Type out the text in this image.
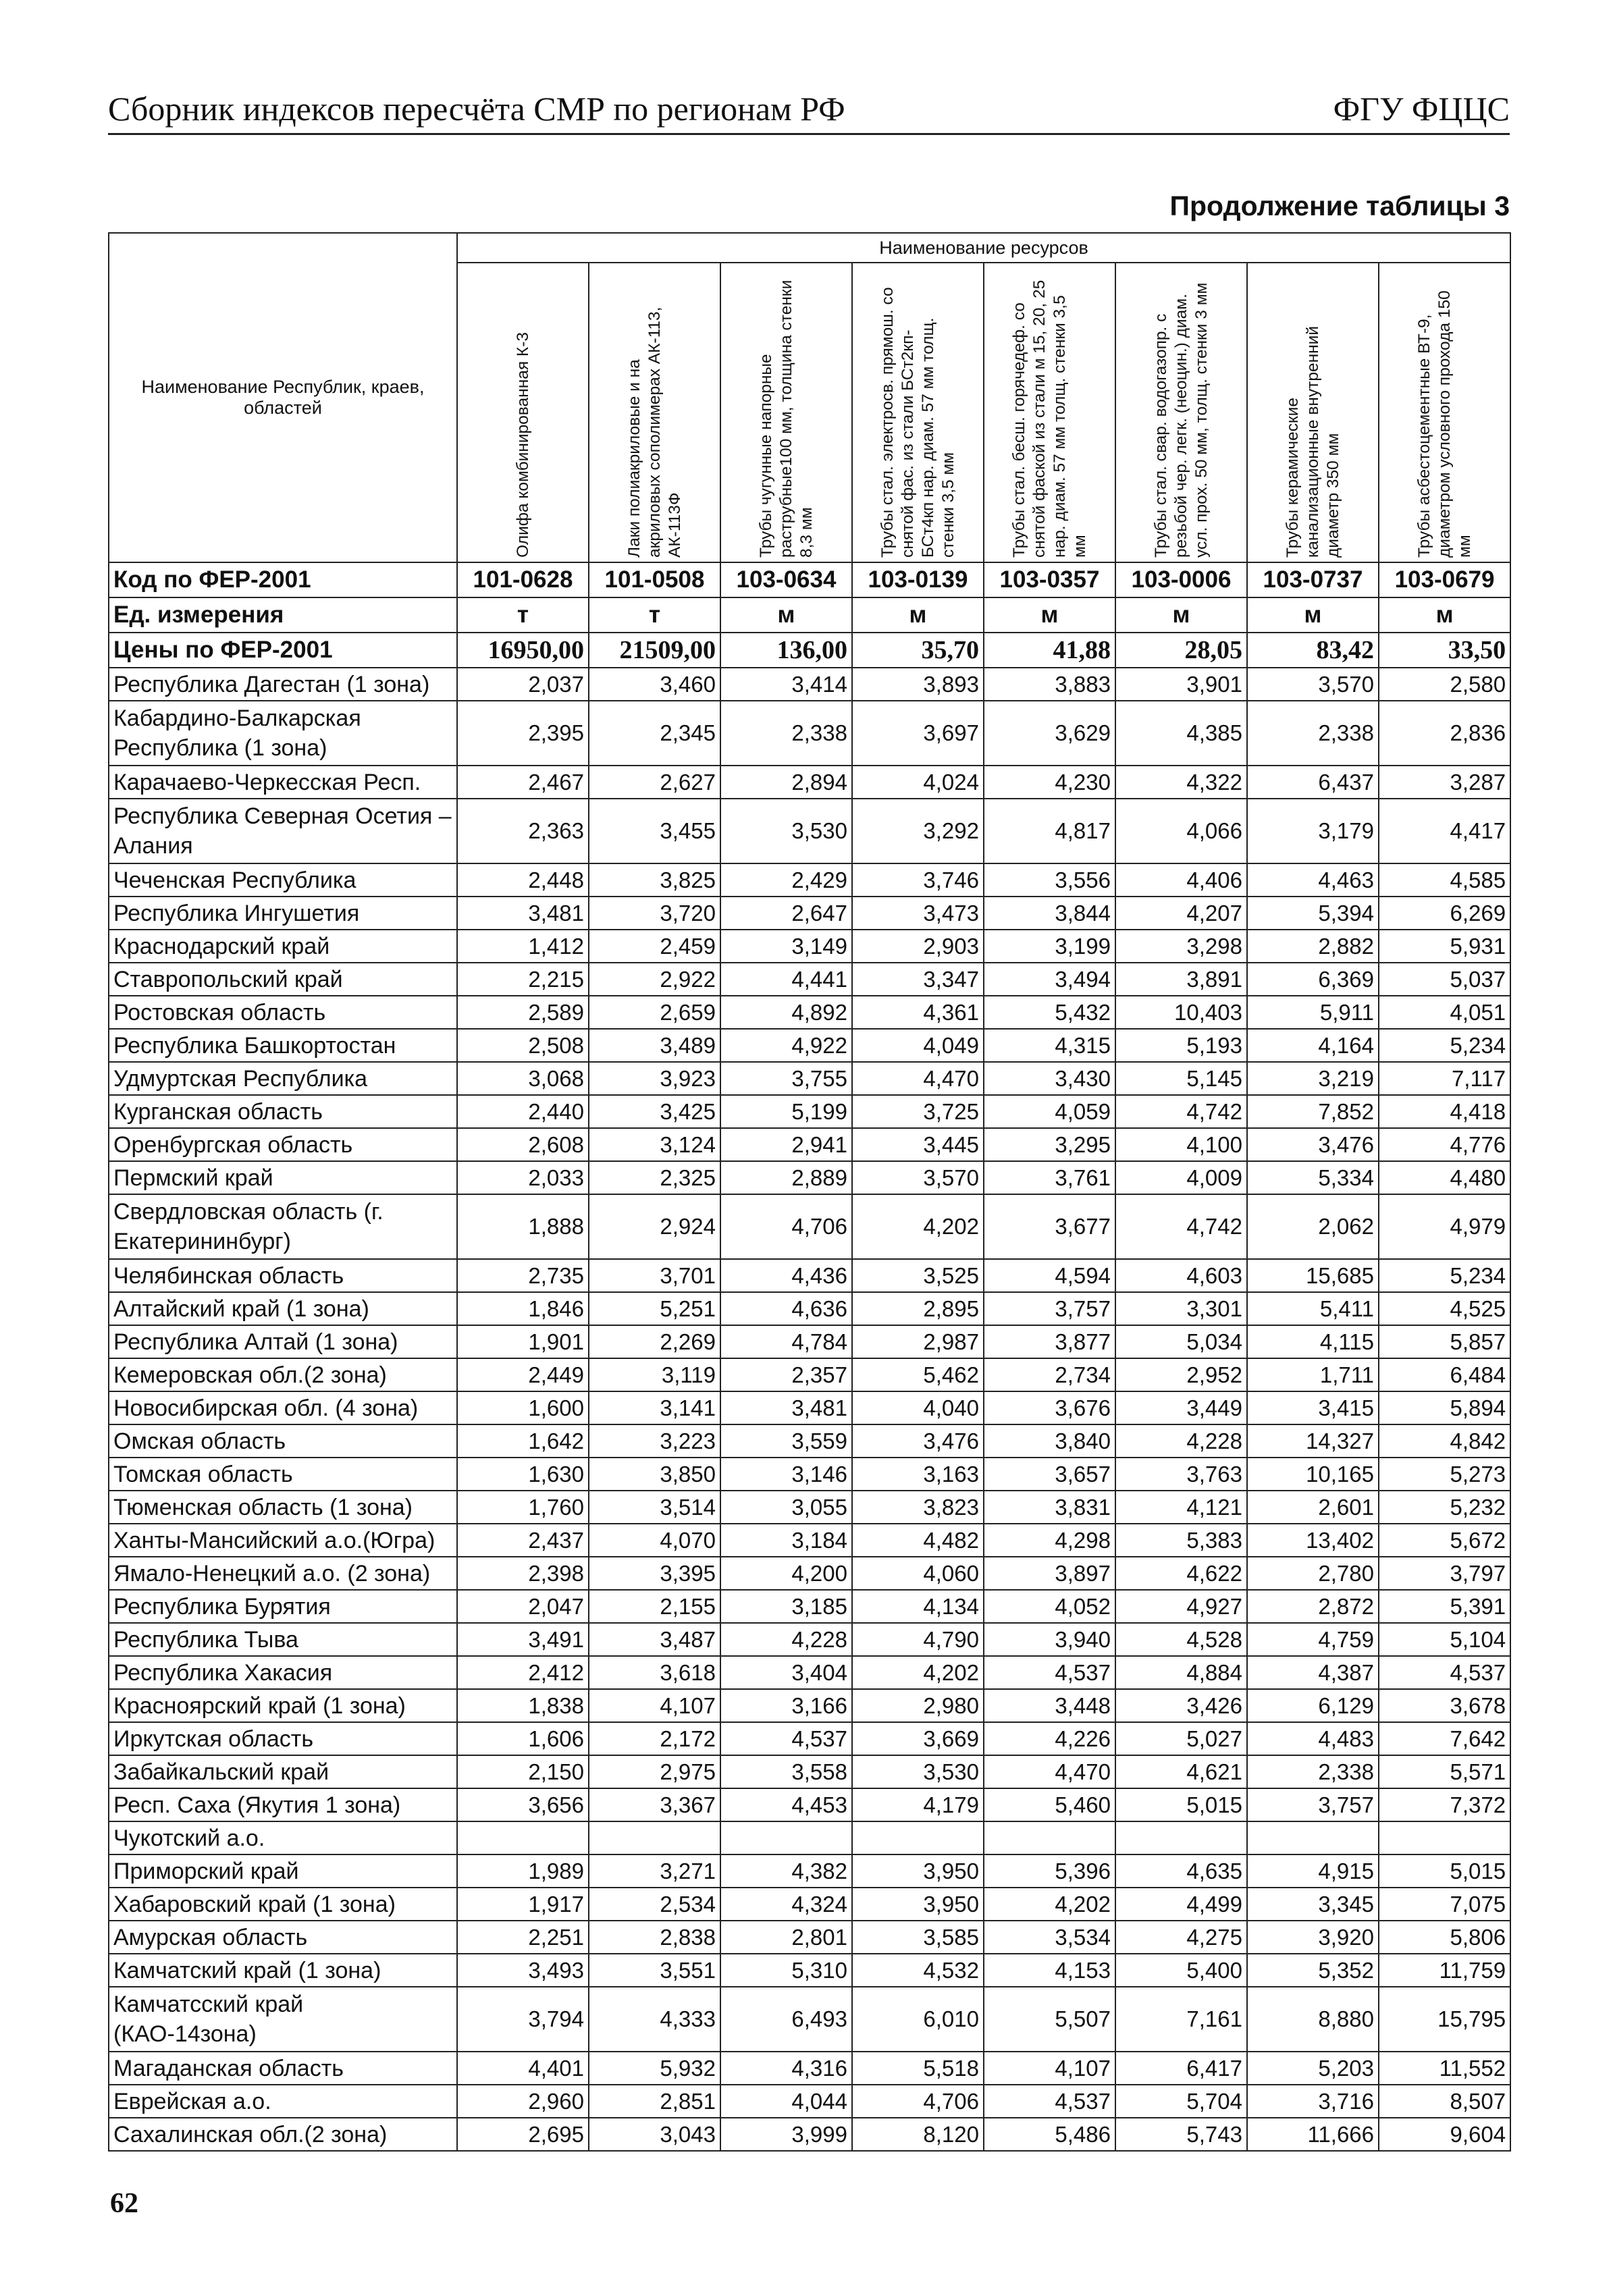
Сборник индексов пересчёта СМР по регионам РФ	ФГУ ФЦЦС
Продолжение таблицы 3
Наименование Республик, краев, областей	Наименование ресурсов							

	Олифа комбинированная К-3	Лаки полиакриловые и на акриловых сополимерах АК-113, АК-113Ф	Трубы чугунные напорные раструбные100 мм, толщина стенки 8,3 мм	Трубы стал. электросв. прямош. со снятой фас. из стали БСт2кп-БСт4кп нар. диам. 57 мм толщ. стенки 3,5 мм	Трубы стал. бесш. горячедеф. со снятой фаской из стали м 15, 20, 25 нар. диам. 57 мм толщ. стенки 3,5 мм	Трубы стал. свар. водогазопр. с резьбой чер. легк. (неоцин.) диам. усл. прох. 50 мм, толщ. стенки 3 мм	Трубы керамические канализационные внутренний диаметр 350 мм	Трубы асбестоцементные ВТ-9, диаметром условного прохода 150 мм

Код по ФЕР-2001	101-0628	101-0508	103-0634	103-0139	103-0357	103-0006	103-0737	103-0679
Ед. измерения	т	т	м	м	м	м	м	м
Цены по ФЕР-2001	16950,00	21509,00	136,00	35,70	41,88	28,05	83,42	33,50
Республика Дагестан (1 зона)	2,037	3,460	3,414	3,893	3,883	3,901	3,570	2,580
Кабардино-Балкарская Республика (1 зона)	2,395	2,345	2,338	3,697	3,629	4,385	2,338	2,836
Карачаево-Черкесская Респ.	2,467	2,627	2,894	4,024	4,230	4,322	6,437	3,287
Республика Северная Осетия – Алания	2,363	3,455	3,530	3,292	4,817	4,066	3,179	4,417
Чеченская Республика	2,448	3,825	2,429	3,746	3,556	4,406	4,463	4,585
Республика Ингушетия	3,481	3,720	2,647	3,473	3,844	4,207	5,394	6,269
Краснодарский край	1,412	2,459	3,149	2,903	3,199	3,298	2,882	5,931
Ставропольский край	2,215	2,922	4,441	3,347	3,494	3,891	6,369	5,037
Ростовская область	2,589	2,659	4,892	4,361	5,432	10,403	5,911	4,051
Республика Башкортостан	2,508	3,489	4,922	4,049	4,315	5,193	4,164	5,234
Удмуртская Республика	3,068	3,923	3,755	4,470	3,430	5,145	3,219	7,117
Курганская область	2,440	3,425	5,199	3,725	4,059	4,742	7,852	4,418
Оренбургская область	2,608	3,124	2,941	3,445	3,295	4,100	3,476	4,776
Пермский край	2,033	2,325	2,889	3,570	3,761	4,009	5,334	4,480
Свердловская область (г. Екатерининбург)	1,888	2,924	4,706	4,202	3,677	4,742	2,062	4,979
Челябинская область	2,735	3,701	4,436	3,525	4,594	4,603	15,685	5,234
Алтайский край (1 зона)	1,846	5,251	4,636	2,895	3,757	3,301	5,411	4,525
Республика Алтай (1 зона)	1,901	2,269	4,784	2,987	3,877	5,034	4,115	5,857
Кемеровская обл.(2 зона)	2,449	3,119	2,357	5,462	2,734	2,952	1,711	6,484
Новосибирская обл. (4 зона)	1,600	3,141	3,481	4,040	3,676	3,449	3,415	5,894
Омская область	1,642	3,223	3,559	3,476	3,840	4,228	14,327	4,842
Томская область	1,630	3,850	3,146	3,163	3,657	3,763	10,165	5,273
Тюменская область (1 зона)	1,760	3,514	3,055	3,823	3,831	4,121	2,601	5,232
Ханты-Мансийский а.о.(Югра)	2,437	4,070	3,184	4,482	4,298	5,383	13,402	5,672
Ямало-Ненецкий а.о. (2 зона)	2,398	3,395	4,200	4,060	3,897	4,622	2,780	3,797
Республика Бурятия	2,047	2,155	3,185	4,134	4,052	4,927	2,872	5,391
Республика Тыва	3,491	3,487	4,228	4,790	3,940	4,528	4,759	5,104
Республика Хакасия	2,412	3,618	3,404	4,202	4,537	4,884	4,387	4,537
Красноярский край (1 зона)	1,838	4,107	3,166	2,980	3,448	3,426	6,129	3,678
Иркутская область	1,606	2,172	4,537	3,669	4,226	5,027	4,483	7,642
Забайкальский край	2,150	2,975	3,558	3,530	4,470	4,621	2,338	5,571
Респ. Саха (Якутия 1 зона)	3,656	3,367	4,453	4,179	5,460	5,015	3,757	7,372
Чукотский а.о.								
Приморский край	1,989	3,271	4,382	3,950	5,396	4,635	4,915	5,015
Хабаровский край (1 зона)	1,917	2,534	4,324	3,950	4,202	4,499	3,345	7,075
Амурская область	2,251	2,838	2,801	3,585	3,534	4,275	3,920	5,806
Камчатский край (1 зона)	3,493	3,551	5,310	4,532	4,153	5,400	5,352	11,759
Камчатсский край (КАО-14зона)	3,794	4,333	6,493	6,010	5,507	7,161	8,880	15,795
Магаданская область	4,401	5,932	4,316	5,518	4,107	6,417	5,203	11,552
Еврейская а.о.	2,960	2,851	4,044	4,706	4,537	5,704	3,716	8,507
Сахалинская обл.(2 зона)	2,695	3,043	3,999	8,120	5,486	5,743	11,666	9,604
62
